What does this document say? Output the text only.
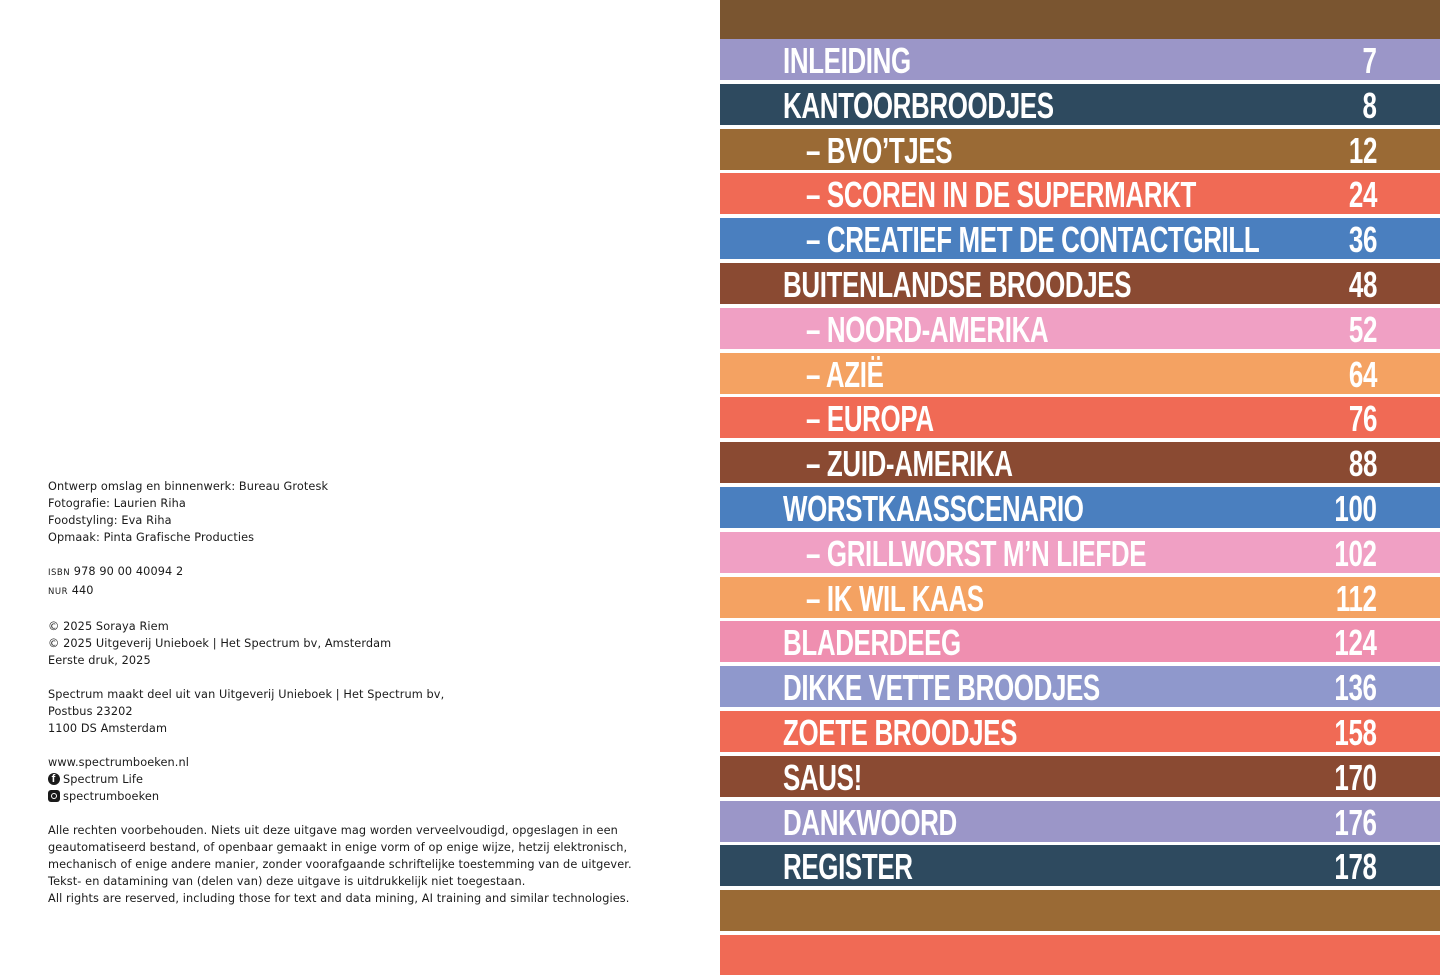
Ontwerp omslag en binnenwerk: Bureau Grotesk
Fotografie: Laurien Riha
Foodstyling: Eva Riha
Opmaak: Pinta Grafische Producties
ISBN 978 90 00 40094 2
NUR 440
© 2025 Soraya Riem
© 2025 Uitgeverij Unieboek | Het Spectrum bv, Amsterdam
Eerste druk, 2025
Spectrum maakt deel uit van Uitgeverij Unieboek | Het Spectrum bv,
Postbus 23202
1100 DS Amsterdam
www.spectrumboeken.nl
fSpectrum Life
spectrumboeken
Alle rechten voorbehouden. Niets uit deze uitgave mag worden verveelvoudigd, opgeslagen in een
geautomatiseerd bestand, of openbaar gemaakt in enige vorm of op enige wijze, hetzij elektronisch,
mechanisch of enige andere manier, zonder voorafgaande schriftelijke toestemming van de uitgever.
Tekst- en datamining van (delen van) deze uitgave is uitdrukkelijk niet toegestaan.
All rights are reserved, including those for text and data mining, AI training and similar technologies.
INLEIDING	7
KANTOORBROODJES	8
– BVO’TJES	12
– SCOREN IN DE SUPERMARKT	24
– CREATIEF MET DE CONTACTGRILL 36
BUITENLANDSE BROODJES	48
– NOORD-AMERIKA	52
– AZIË	64
– EUROPA	76
– ZUID-AMERIKA	88
WORSTKAASSCENARIO	100
– GRILLWORST M’N LIEFDE	102
– IK WIL KAAS	112
BLADERDEEG	124
DIKKE VETTE BROODJES	136
ZOETE BROODJES	158
SAUS!	170
DANKWOORD	176
REGISTER	178
